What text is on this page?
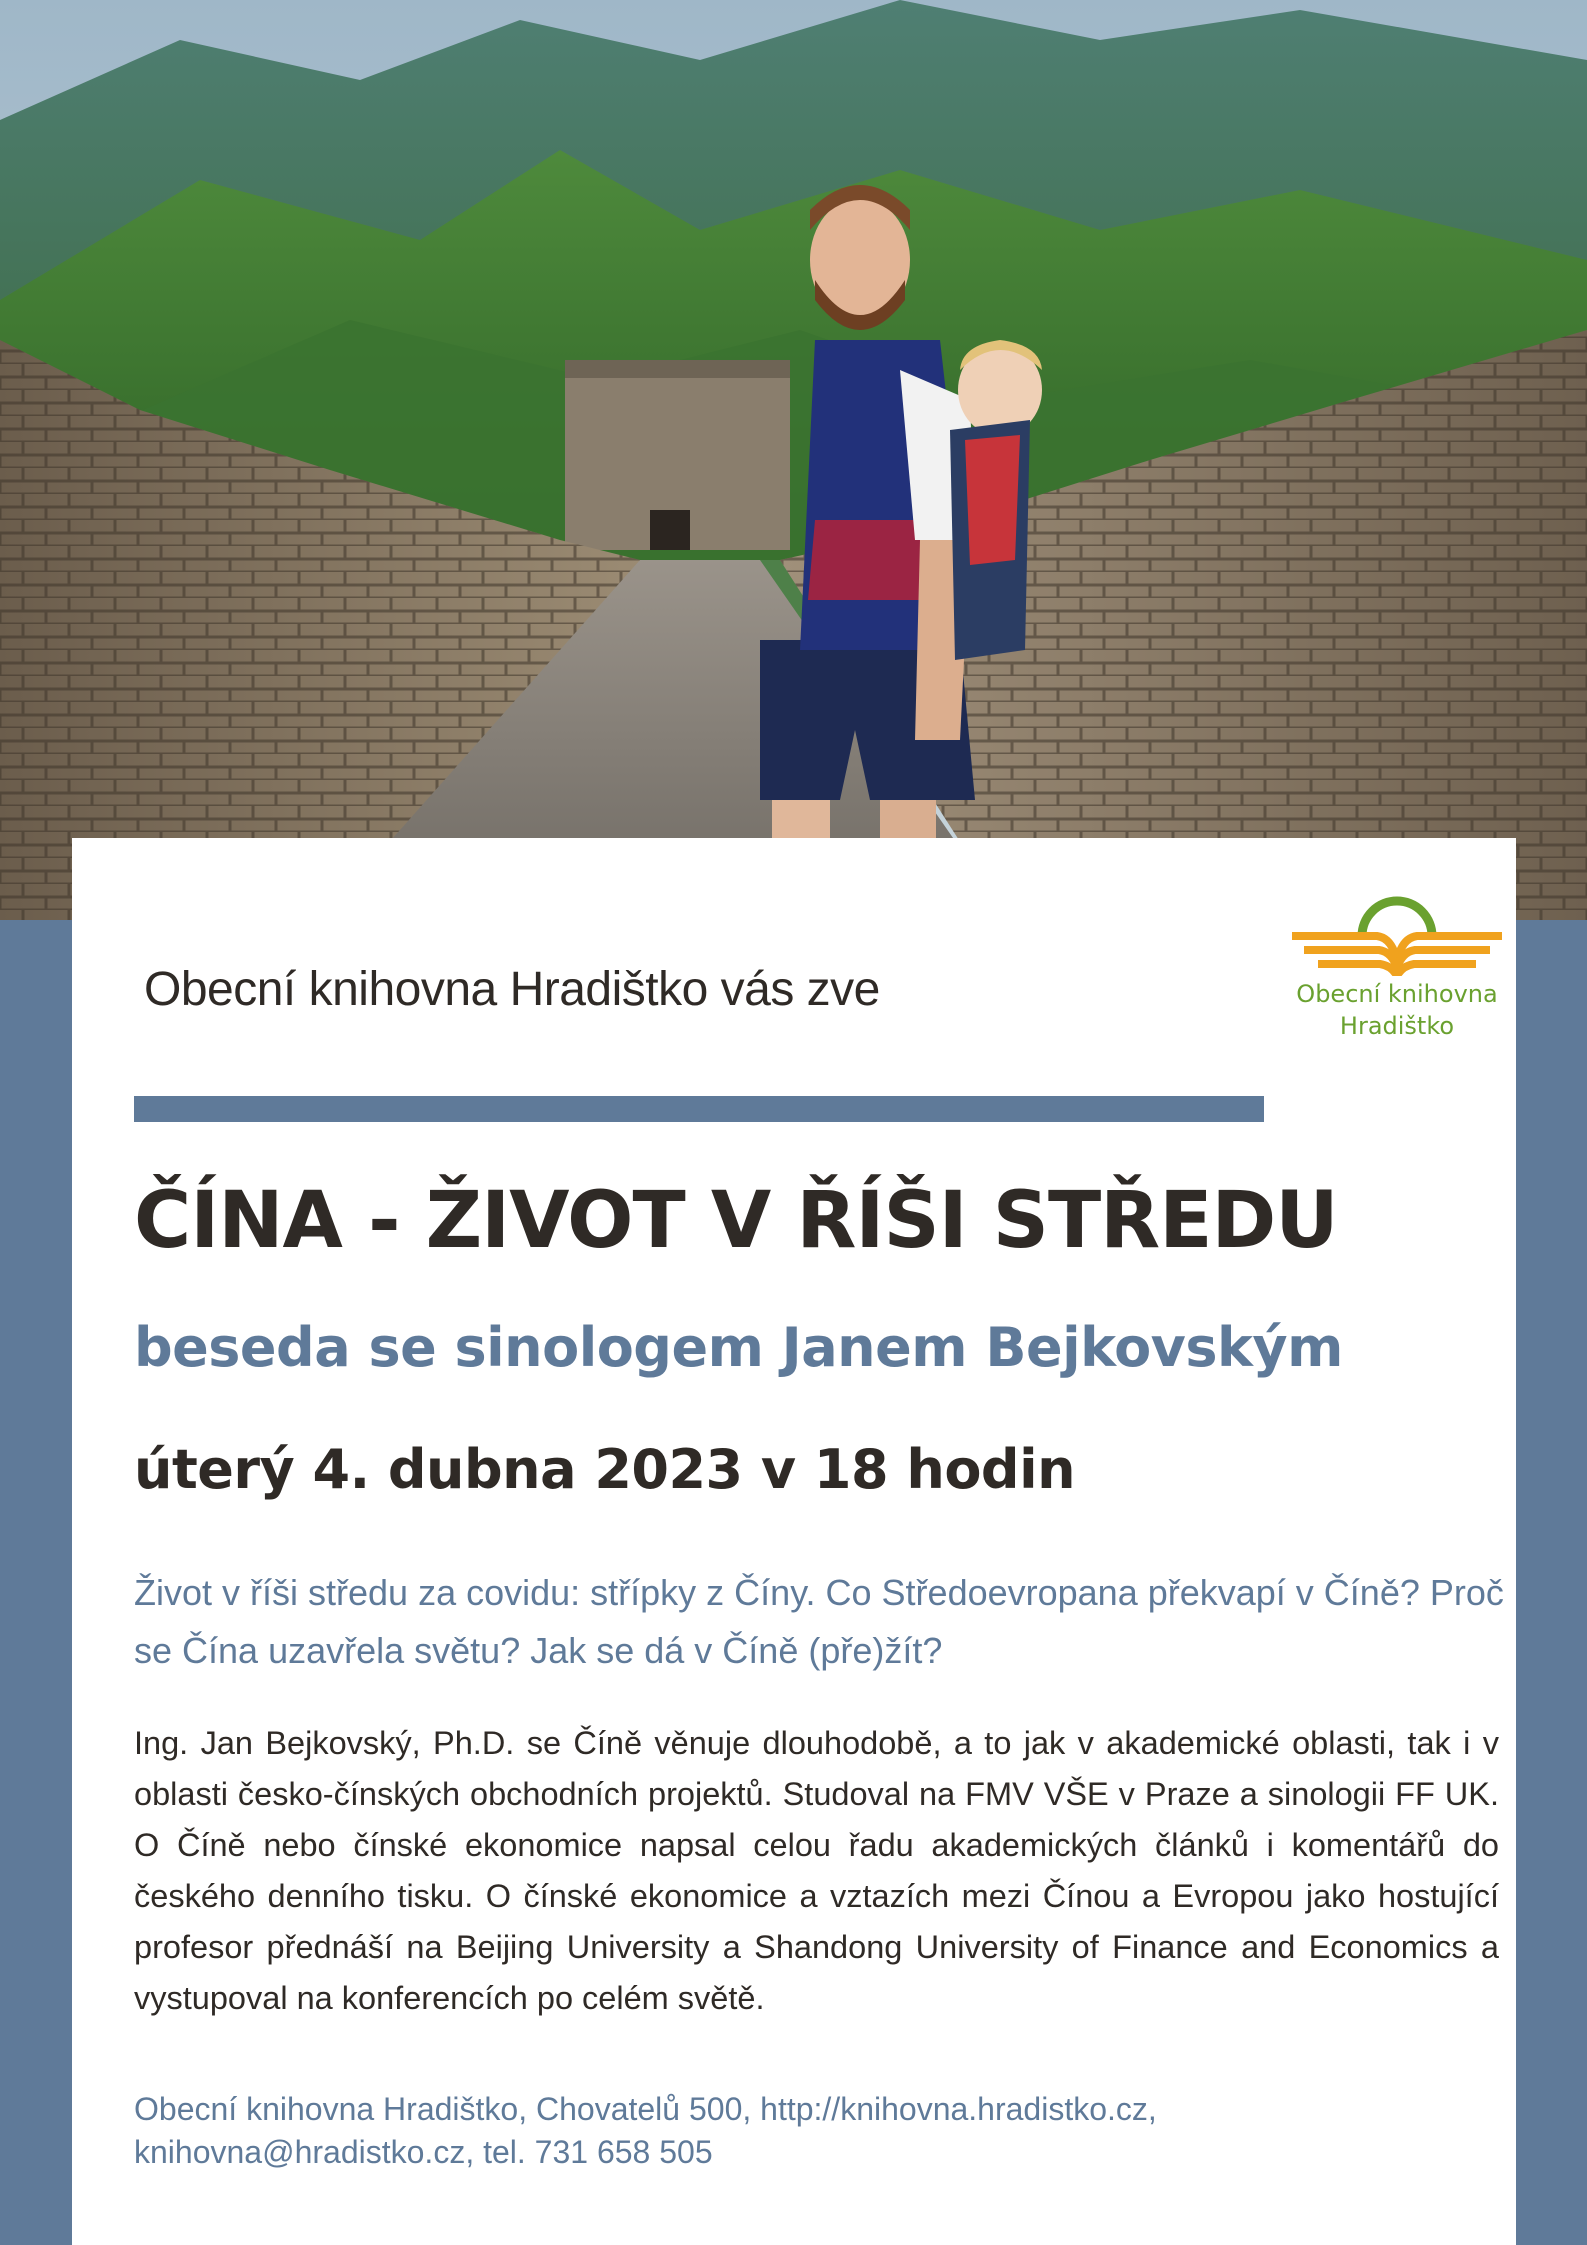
Obecní knihovna Hradištko vás zve	Obecní knihovna
Hradištko
ČÍNA - ŽIVOT V ŘÍŠI STŘEDU
beseda se sinologem Janem Bejkovským
úterý 4. dubna 2023 v 18 hodin
Život v říši středu za covidu: střípky z Číny. Co Středoevropana překvapí v Číně? Proč se Čína uzavřela světu? Jak se dá v Číně (pře)žít?
Ing. Jan Bejkovský, Ph.D. se Číně věnuje dlouhodobě, a to jak v akademické oblasti, tak i v oblasti česko-čínských obchodních projektů. Studoval na FMV VŠE v Praze a sinologii FF UK. O Číně nebo čínské ekonomice napsal celou řadu akademických článků i komentářů do českého denního tisku. O čínské ekonomice a vztazích mezi Čínou a Evropou jako hostující profesor přednáší na Beijing University a Shandong University of Finance and Economics a vystupoval na konferencích po celém světě.
Obecní knihovna Hradištko, Chovatelů 500, http://knihovna.hradistko.cz,
knihovna@hradistko.cz, tel. 731 658 505
